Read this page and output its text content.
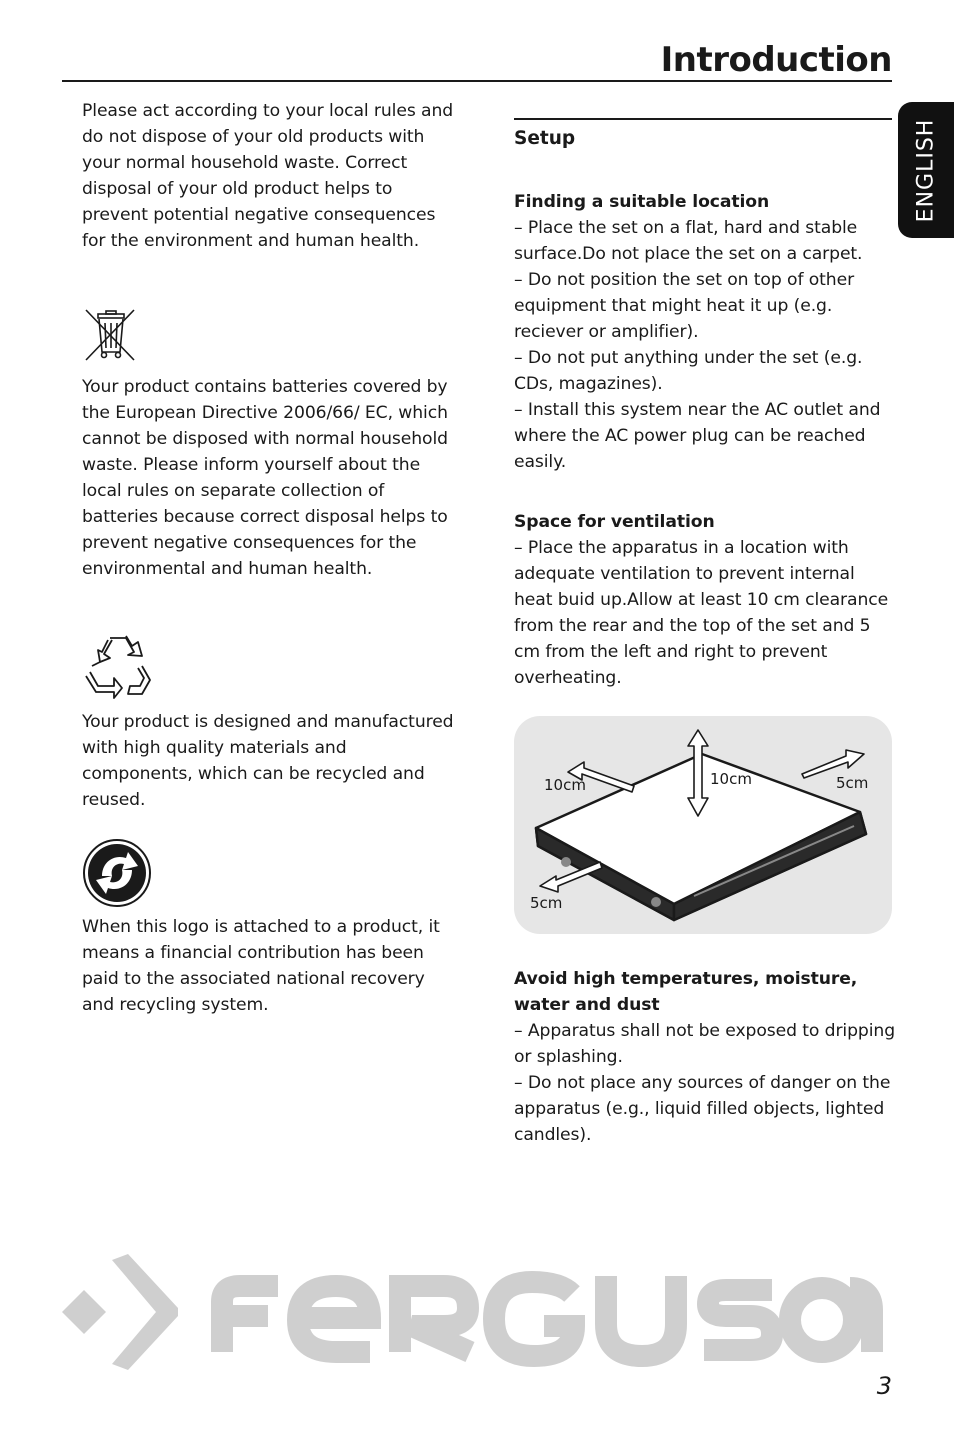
Introduction
ENGLISH
Please act according to your local rules and do not dispose of your old products with your normal household waste. Correct disposal of your old product helps to prevent potential negative consequences for the environment and human health.
Your product contains batteries covered by the European Directive 2006/66/ EC, which cannot be disposed with normal household waste. Please inform yourself about the local rules on separate collection of batteries because correct disposal helps to prevent negative consequences for the environmental and human health.
Your product is designed and manufactured with high quality materials and components, which can be recycled and reused.
When this logo is attached to a product, it means a financial contribution has been paid to the associated national recovery and recycling system.
Setup
Finding a suitable location
– Place the set on a flat, hard and stable surface.Do not place the set on a carpet.
– Do not position the set on top of other equipment that might heat it up (e.g. reciever or amplifier).
– Do not put anything under the set (e.g. CDs, magazines).
– Install this system near the AC outlet and where the AC power plug can be reached easily.
Space for ventilation
– Place the apparatus in a location with adequate ventilation to prevent internal heat buid up.Allow at least 10 cm clearance from the rear and the top of the set and 5 cm from the left and right to prevent overheating.
10cm	10cm	5cm
5cm
Avoid high temperatures, moisture, water and dust
– Apparatus shall not be exposed to dripping or splashing.
– Do not place any sources of danger on the apparatus (e.g., liquid filled objects, lighted candles).
3
